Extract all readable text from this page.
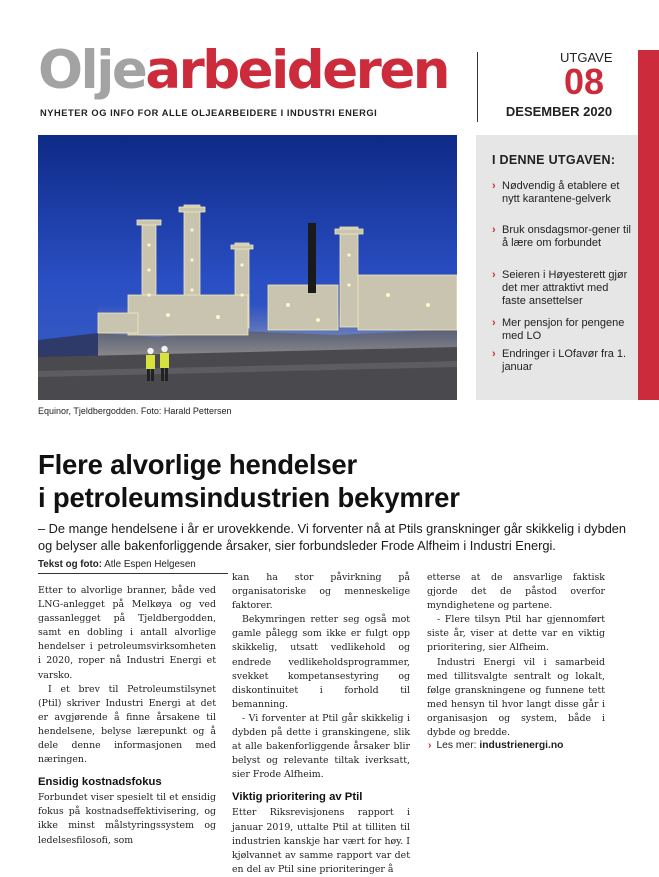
Oljearbeideren
NYHETER OG INFO FOR ALLE OLJEARBEIDERE I INDUSTRI ENERGI
UTGAVE
08
DESEMBER 2020
Equinor, Tjeldbergodden. Foto: Harald Pettersen
I DENNE UTGAVEN:
› Nødvendig å etablere et nytt karantene-gelverk
› Bruk onsdagsmor-gener til å lære om forbundet
› Seieren i Høyesterett gjør det mer attraktivt med faste ansettelser
› Mer pensjon for pengene med LO
› Endringer i LOfavør fra 1. januar
Flere alvorlige hendelser
i petroleumsindustrien bekymrer
– De mange hendelsene i år er urovekkende. Vi forventer nå at Ptils granskninger går skikkelig i dybden og belyser alle bakenforliggende årsaker, sier forbundsleder Frode Alfheim i Industri Energi.
Tekst og foto: Atle Espen Helgesen

Etter to alvorlige branner, både ved LNG-anlegget på Melkøya og ved gassanlegget på Tjeldbergodden, samt en dobling i antall alvorlige hendelser i petroleumsvirksomheten i 2020, roper nå Industri Energi et varsko.

I et brev til Petroleumstilsynet (Ptil) skriver Industri Energi at det er avgjørende å finne årsakene til hendelsene, belyse lærepunkt og å dele denne informasjonen med næringen.

Ensidig kostnadsfokus

Forbundet viser spesielt til et ensidig fokus på kostnadseffektivisering, og ikke minst målstyringssystem og ledelsesfilosofi, som

kan ha stor påvirkning på organisatoriske og menneskelige faktorer.

Bekymringen retter seg også mot gamle pålegg som ikke er fulgt opp skikkelig, utsatt vedlikehold og endrede vedlikeholdsprogrammer, svekket kompetansestyring og diskontinuitet i forhold til bemanning.

- Vi forventer at Ptil går skikkelig i dybden på dette i granskingene, slik at alle bakenforliggende årsaker blir belyst og relevante tiltak iverksatt, sier Frode Alfheim.

Viktig prioritering av Ptil

Etter Riksrevisjonens rapport i januar 2019, uttalte Ptil at tilliten til industrien kanskje har vært for høy. I kjølvannet av samme rapport var det en del av Ptil sine prioriteringer å

etterse at de ansvarlige faktisk gjorde det de påstod overfor myndighetene og partene.

- Flere tilsyn Ptil har gjennomført siste år, viser at dette var en viktig prioritering, sier Alfheim.

Industri Energi vil i samarbeid med tillitsvalgte sentralt og lokalt, følge granskningene og funnene tett med hensyn til hvor langt disse går i organisasjon og system, både i dybde og bredde.

› Les mer: industrienergi.no
